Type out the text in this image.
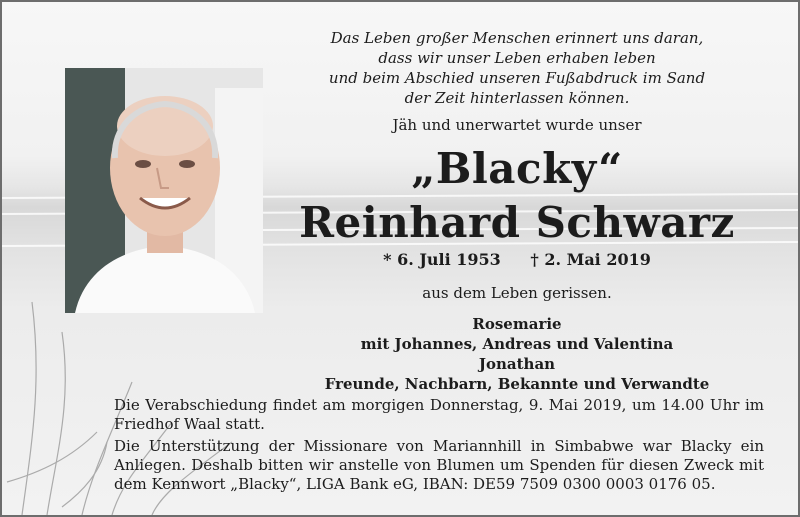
Das Leben großer Menschen erinnert uns daran,
dass wir unser Leben erhaben leben
und beim Abschied unseren Fußabdruck im Sand
der Zeit hinterlassen können.
Jäh und unerwartet wurde unser
„Blacky“
Reinhard Schwarz
* 6. Juli 1953 † 2. Mai 2019
aus dem Leben gerissen.
Rosemarie
mit Johannes, Andreas und Valentina
Jonathan
Freunde, Nachbarn, Bekannte und Verwandte
Die Verabschiedung findet am morgigen Donnerstag, 9. Mai 2019, um 14.00 Uhr im Friedhof Waal statt.
Die Unterstützung der Missionare von Mariannhill in Simbabwe war Blacky ein Anliegen. Deshalb bitten wir anstelle von Blumen um Spenden für diesen Zweck mit dem Kennwort „Blacky“, LIGA Bank eG, IBAN: DE59 7509 0300 0003 0176 05.
